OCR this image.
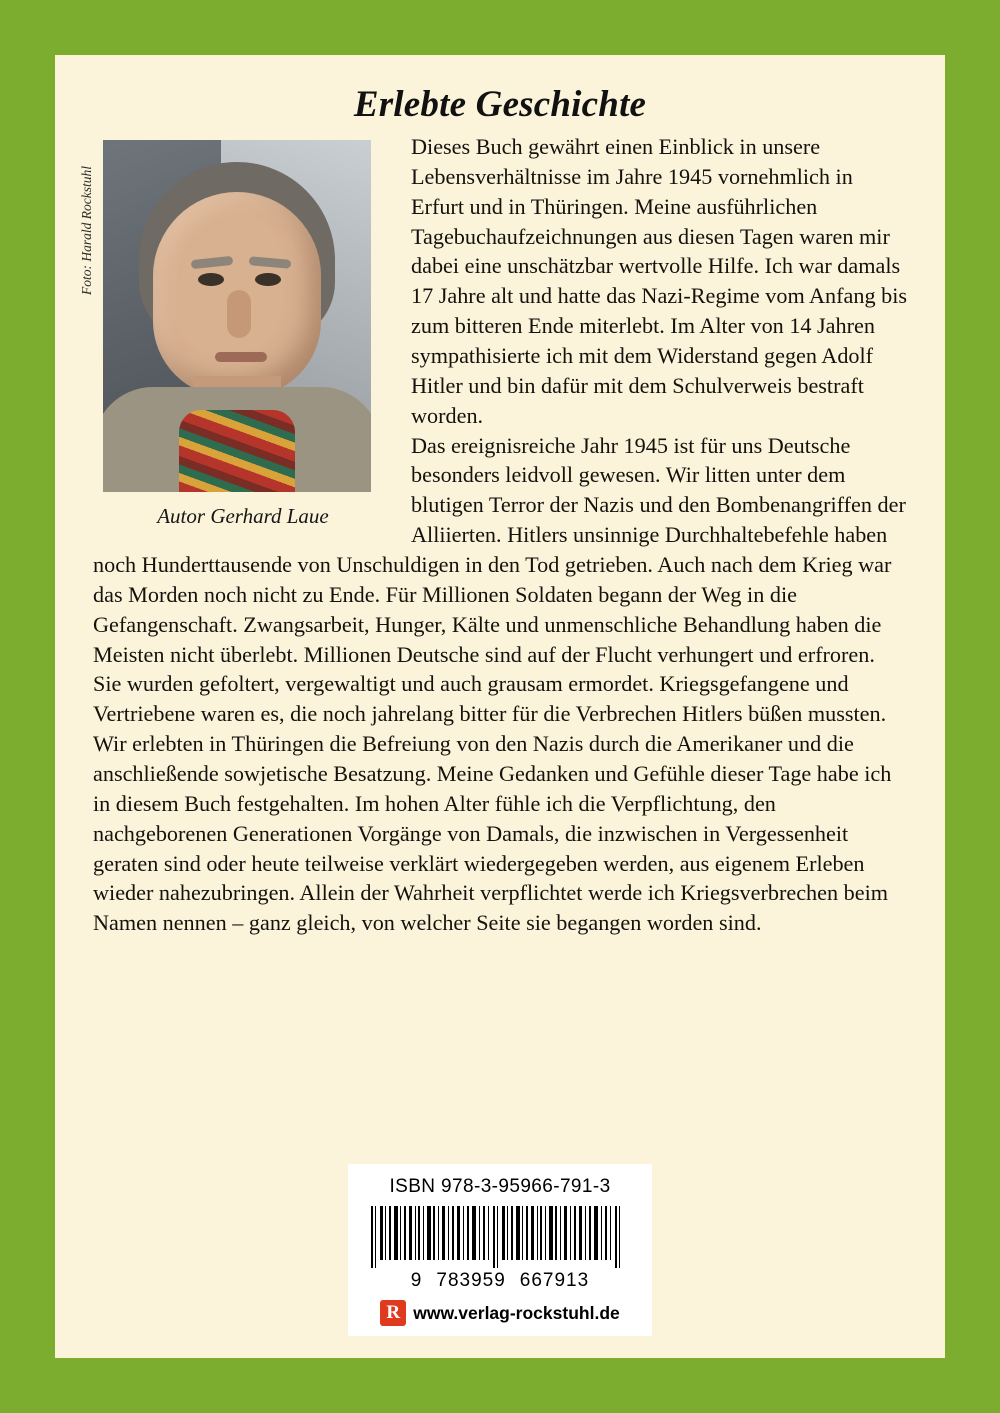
Erlebte Geschichte
Foto: Harald Rockstuhl
Autor Gerhard Laue

Dieses Buch gewährt einen Einblick in unsere Lebensverhältnisse im Jahre 1945 vornehmlich in Erfurt und in Thüringen. Meine ausführlichen Tagebuchaufzeichnungen aus diesen Tagen waren mir dabei eine unschätzbar wertvolle Hilfe. Ich war damals 17 Jahre alt und hatte das Nazi-Regime vom Anfang bis zum bitteren Ende miterlebt. Im Alter von 14 Jahren sympathisierte ich mit dem Widerstand gegen Adolf Hitler und bin dafür mit dem Schulverweis bestraft worden.

Das ereignisreiche Jahr 1945 ist für uns Deutsche besonders leidvoll gewesen. Wir litten unter dem blutigen Terror der Nazis und den Bombenangriffen der Alliierten. Hitlers unsinnige Durchhaltebefehle haben noch Hunderttausende von Unschuldigen in den Tod getrieben. Auch nach dem Krieg war das Morden noch nicht zu Ende. Für Millionen Soldaten begann der Weg in die Gefangenschaft. Zwangsarbeit, Hunger, Kälte und unmenschliche Behandlung haben die Meisten nicht überlebt. Millionen Deutsche sind auf der Flucht verhungert und erfroren. Sie wurden gefoltert, vergewaltigt und auch grausam ermordet. Kriegsgefangene und Vertriebene waren es, die noch jahrelang bitter für die Verbrechen Hitlers büßen mussten.

Wir erlebten in Thüringen die Befreiung von den Nazis durch die Amerikaner und die anschließende sowjetische Besatzung. Meine Gedanken und Gefühle dieser Tage habe ich in diesem Buch festgehalten. Im hohen Alter fühle ich die Verpflichtung, den nachgeborenen Generationen Vorgänge von Damals, die inzwischen in Vergessenheit geraten sind oder heute teilweise verklärt wiedergegeben werden, aus eigenem Erleben wieder nahezubringen. Allein der Wahrheit verpflichtet werde ich Kriegsverbrechen beim Namen nennen – ganz gleich, von welcher Seite sie begangen worden sind.

ISBN 978-3-95966-791-3
9 783959 667913
R www.verlag-rockstuhl.de
